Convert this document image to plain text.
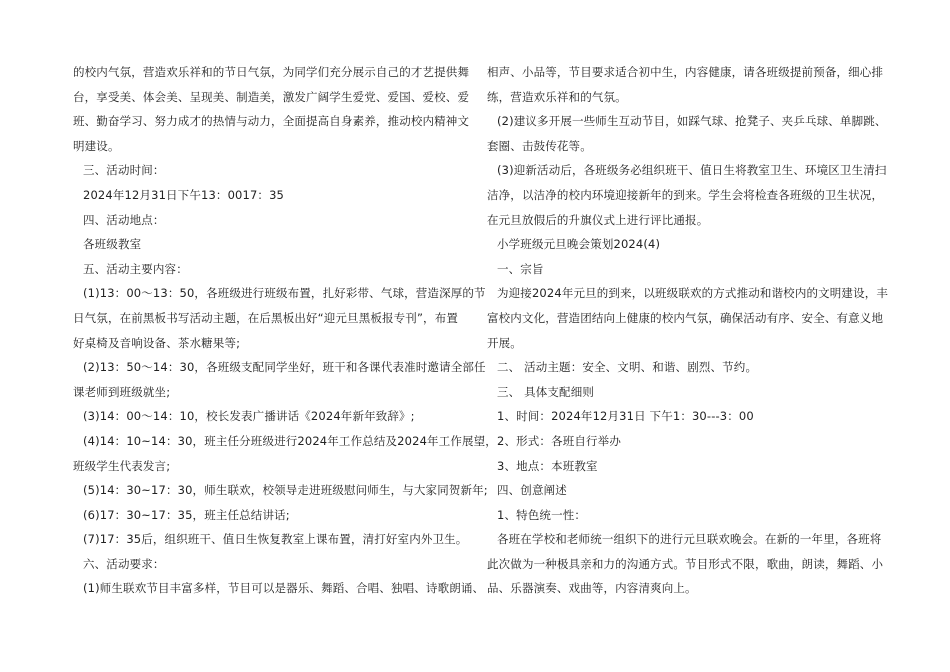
的校内气氛，营造欢乐祥和的节日气氛，为同学们充分展示自己的才艺提供舞

台，享受美、体会美、呈现美、制造美，激发广阔学生爱党、爱国、爱校、爱

班、勤奋学习、努力成才的热情与动力，全面提高自身素养，推动校内精神文

明建设。

三、活动时间：

2024年12月31日下午13：0017：35

四、活动地点：

各班级教室

五、活动主要内容：

(1)13：00～13：50，各班级进行班级布置，扎好彩带、气球，营造深厚的节

日气氛，在前黑板书写活动主题，在后黑板出好“迎元旦黑板报专刊”，布置

好桌椅及音响设备、茶水糖果等;

(2)13：50～14：30，各班级支配同学坐好，班干和各课代表准时邀请全部任

课老师到班级就坐;

(3)14：00～14：10，校长发表广播讲话《2024年新年致辞》;

(4)14：10~14：30，班主任分班级进行2024年工作总结及2024年工作展望，

班级学生代表发言;

(5)14：30~17：30，师生联欢，校领导走进班级慰问师生，与大家同贺新年;

(6)17：30~17：35，班主任总结讲话;

(7)17：35后，组织班干、值日生恢复教室上课布置，清打好室内外卫生。

六、活动要求：

(1)师生联欢节目丰富多样，节目可以是器乐、舞蹈、合唱、独唱、诗歌朗诵、

相声、小品等，节目要求适合初中生，内容健康，请各班级提前预备，细心排

练，营造欢乐祥和的气氛。

(2)建议多开展一些师生互动节目，如踩气球、抢凳子、夹乒乓球、单脚跳、

套圈、击鼓传花等。

(3)迎新活动后，各班级务必组织班干、值日生将教室卫生、环境区卫生清扫

洁净，以洁净的校内环境迎接新年的到来。学生会将检查各班级的卫生状况，

在元旦放假后的升旗仪式上进行评比通报。

小学班级元旦晚会策划2024(4)

一、宗旨

为迎接2024年元旦的到来，以班级联欢的方式推动和谐校内的文明建设，丰

富校内文化，营造团结向上健康的校内气氛，确保活动有序、安全、有意义地

开展。

二、 活动主题：安全、文明、和谐、剧烈、节约。

三、 具体支配细则

1、时间：2024年12月31日 下午1：30---3：00

2、形式：各班自行举办

3、地点：本班教室

四、创意阐述

1、特色统一性：

各班在学校和老师统一组织下的进行元旦联欢晚会。在新的一年里，各班将

此次做为一种极具亲和力的沟通方式。节目形式不限，歌曲，朗读，舞蹈、小

品、乐器演奏、戏曲等，内容清爽向上。
